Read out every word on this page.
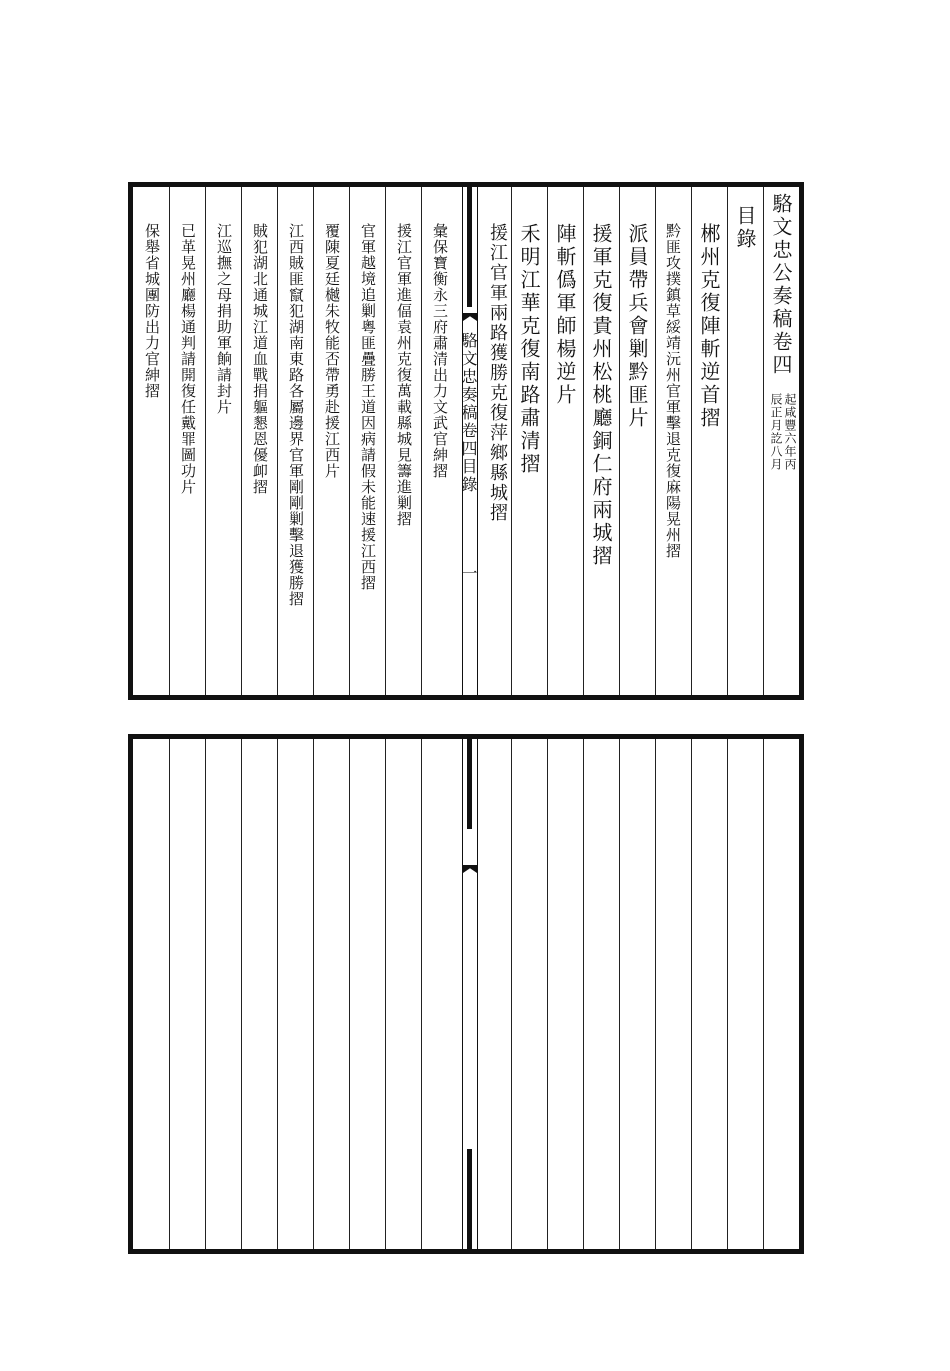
駱文忠奏稿卷四目錄
一
駱文忠公奏稿卷四
起咸豐六年丙
辰正月訖八月
目錄
郴州克復陣斬逆首摺
黔匪攻撲鎮草綏靖沅州官軍擊退克復麻陽晃州摺
派員帶兵會剿黔匪片
援軍克復貴州松桃廳銅仁府兩城摺
陣斬僞軍師楊逆片
禾明江華克復南路肅清摺
援江官軍兩路獲勝克復萍鄉縣城摺
彙保寶衡永三府肅清出力文武官紳摺
援江官軍進偪袁州克復萬載縣城見籌進剿摺
官軍越境追剿粵匪疊勝王道因病請假未能速援江西摺
覆陳夏廷樾朱牧能否帶勇赴援江西片
江西賊匪竄犯湖南東路各屬邊界官軍剛剛剿擊退獲勝摺
賊犯湖北通城江道血戰捐軀懇恩優卹摺
江巡撫之母捐助軍餉請封片
已革晃州廳楊通判請開復任戴罪圖功片
保舉省城團防出力官紳摺
